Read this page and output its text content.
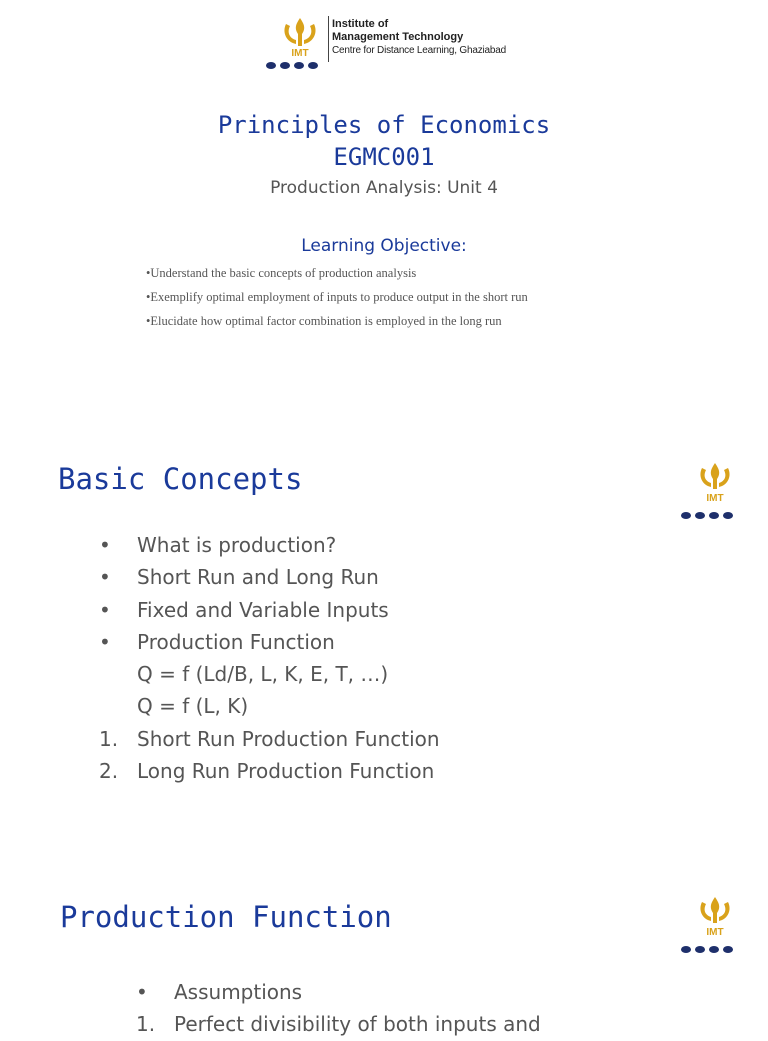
IMT
Institute of
Management Technology
Centre for Distance Learning, Ghaziabad
Principles of Economics
EGMC001
Production Analysis: Unit 4
Learning Objective:
•Understand the basic concepts of production analysis
•Exemplify optimal employment of inputs to produce output in the short run
•Elucidate how optimal factor combination is employed in the long run
Basic Concepts
IMT
• What is production?
• Short Run and Long Run
• Fixed and Variable Inputs
• Production Function
Q = f (Ld/B, L, K, E, T, …)
Q = f (L, K)
1. Short Run Production Function
2. Long Run Production Function
Production Function	IMT
• Assumptions
1. Perfect divisibility of both inputs and
